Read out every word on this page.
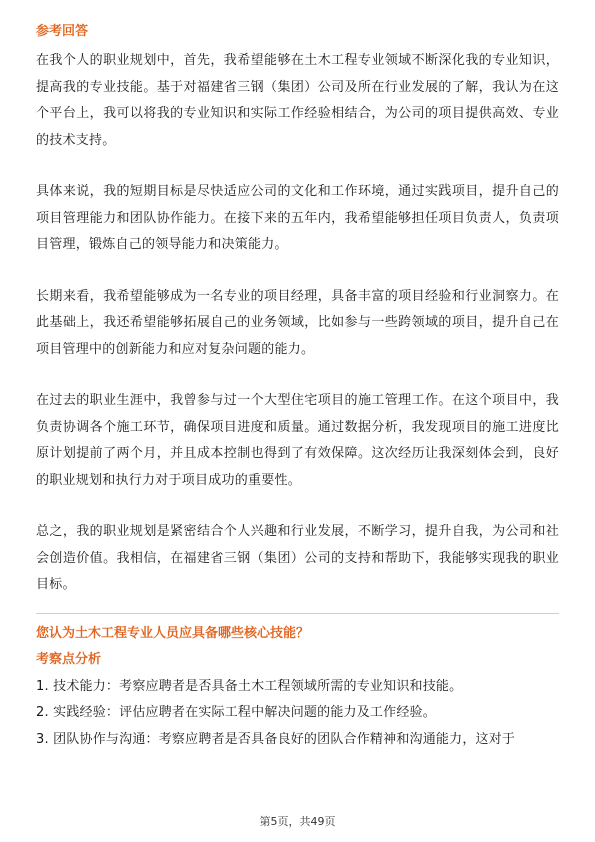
参考回答

在我个人的职业规划中，首先，我希望能够在土木工程专业领域不断深化我的专业知识，提高我的专业技能。基于对福建省三钢（集团）公司及所在行业发展的了解，我认为在这个平台上，我可以将我的专业知识和实际工作经验相结合，为公司的项目提供高效、专业的技术支持。

具体来说，我的短期目标是尽快适应公司的文化和工作环境，通过实践项目，提升自己的项目管理能力和团队协作能力。在接下来的五年内，我希望能够担任项目负责人，负责项目管理，锻炼自己的领导能力和决策能力。

长期来看，我希望能够成为一名专业的项目经理，具备丰富的项目经验和行业洞察力。在此基础上，我还希望能够拓展自己的业务领域，比如参与一些跨领域的项目，提升自己在项目管理中的创新能力和应对复杂问题的能力。

在过去的职业生涯中，我曾参与过一个大型住宅项目的施工管理工作。在这个项目中，我负责协调各个施工环节，确保项目进度和质量。通过数据分析，我发现项目的施工进度比原计划提前了两个月，并且成本控制也得到了有效保障。这次经历让我深刻体会到，良好的职业规划和执行力对于项目成功的重要性。

总之，我的职业规划是紧密结合个人兴趣和行业发展，不断学习，提升自我，为公司和社会创造价值。我相信，在福建省三钢（集团）公司的支持和帮助下，我能够实现我的职业目标。

您认为土木工程专业人员应具备哪些核心技能？
考察点分析
1. 技术能力：考察应聘者是否具备土木工程领域所需的专业知识和技能。
2. 实践经验：评估应聘者在实际工程中解决问题的能力及工作经验。
3. 团队协作与沟通：考察应聘者是否具备良好的团队合作精神和沟通能力，这对于
第5页，共49页
